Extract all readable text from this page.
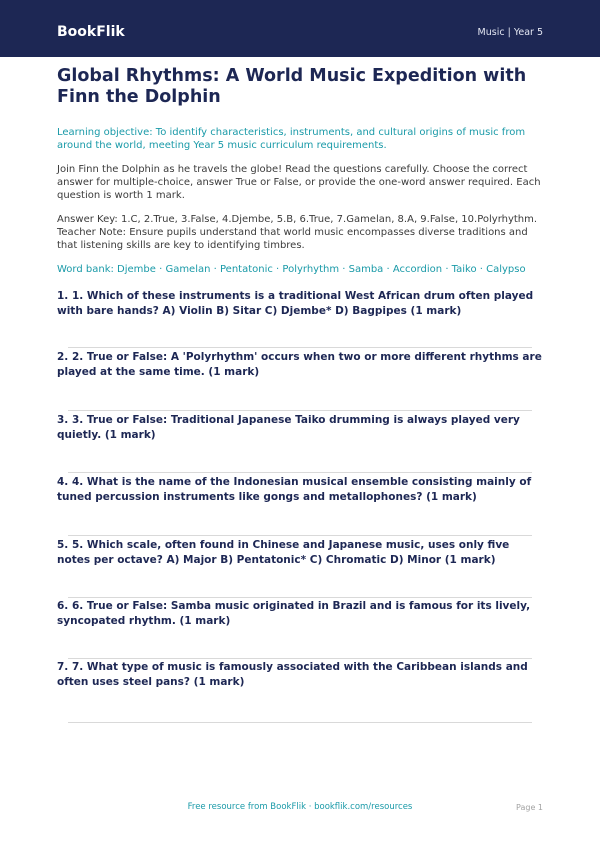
BookFlik	Music | Year 5
Global Rhythms: A World Music Expedition with Finn the Dolphin

Learning objective: To identify characteristics, instruments, and cultural origins of music from around the world, meeting Year 5 music curriculum requirements.

Join Finn the Dolphin as he travels the globe! Read the questions carefully. Choose the correct answer for multiple-choice, answer True or False, or provide the one-word answer required. Each question is worth 1 mark.

Answer Key: 1.C, 2.True, 3.False, 4.Djembe, 5.B, 6.True, 7.Gamelan, 8.A, 9.False, 10.Polyrhythm. Teacher Note: Ensure pupils understand that world music encompasses diverse traditions and that listening skills are key to identifying timbres.

Word bank: Djembe · Gamelan · Pentatonic · Polyrhythm · Samba · Accordion · Taiko · Calypso

1. 1. Which of these instruments is a traditional West African drum often played with bare hands? A) Violin B) Sitar C) Djembe* D) Bagpipes (1 mark)
2. 2. True or False: A 'Polyrhythm' occurs when two or more different rhythms are played at the same time. (1 mark)
3. 3. True or False: Traditional Japanese Taiko drumming is always played very quietly. (1 mark)
4. 4. What is the name of the Indonesian musical ensemble consisting mainly of tuned percussion instruments like gongs and metallophones? (1 mark)
5. 5. Which scale, often found in Chinese and Japanese music, uses only five notes per octave? A) Major B) Pentatonic* C) Chromatic D) Minor (1 mark)
6. 6. True or False: Samba music originated in Brazil and is famous for its lively, syncopated rhythm. (1 mark)
7. 7. What type of music is famously associated with the Caribbean islands and often uses steel pans? (1 mark)
Free resource from BookFlik · bookflik.com/resources	Page 1
